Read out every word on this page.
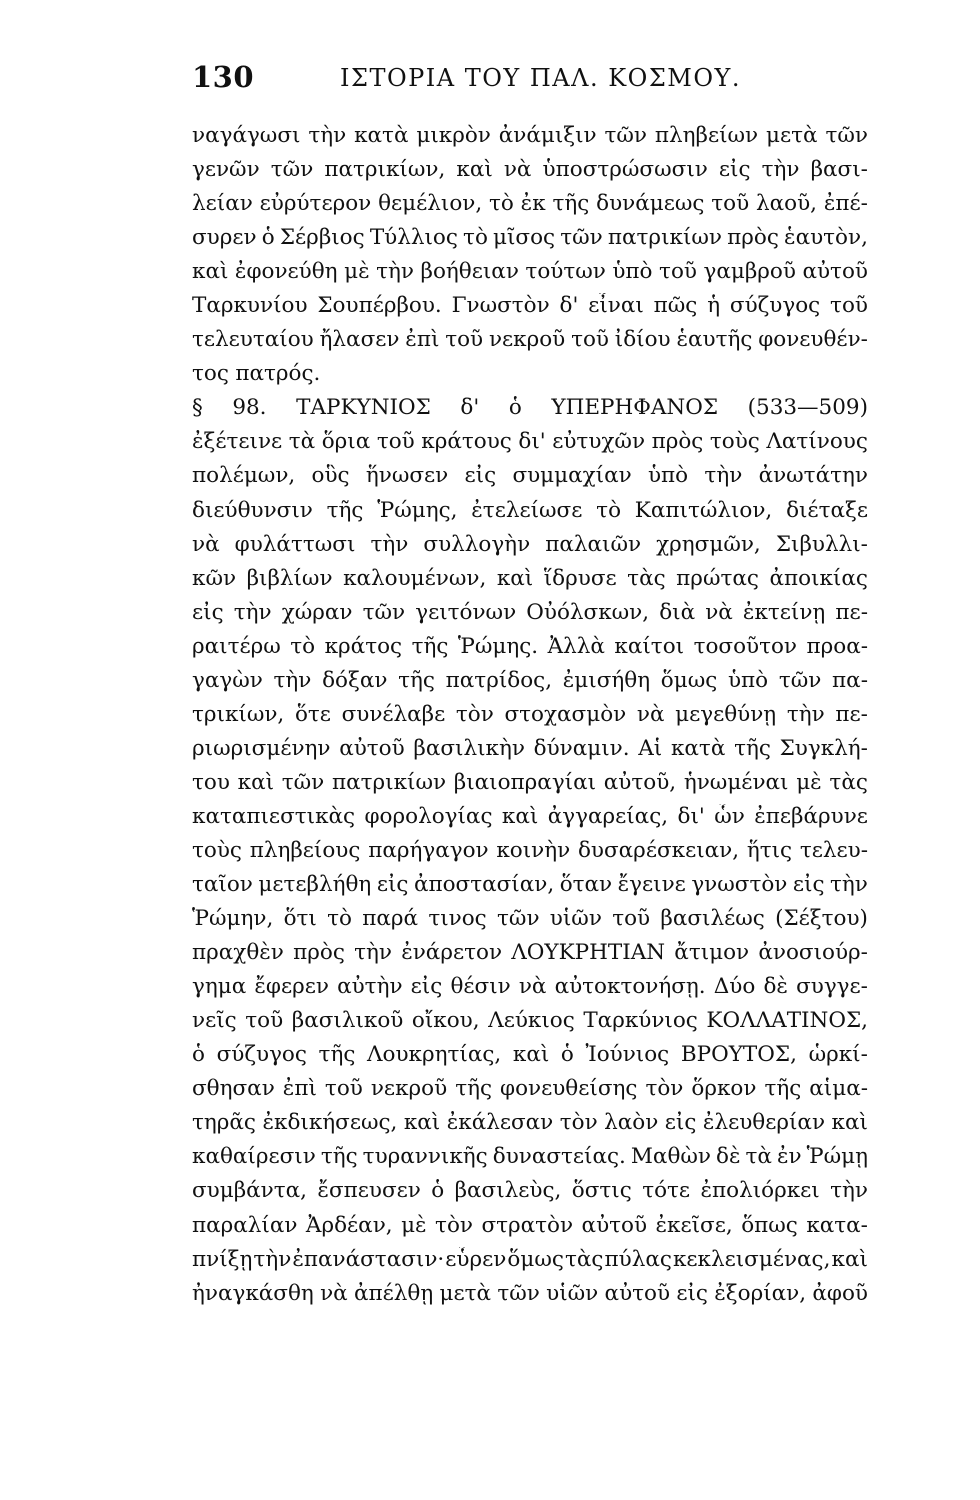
130	ΙΣΤΟΡΙΑ ΤΟΥ ΠΑΛ. ΚΟΣΜΟΥ.
ναγάγωσι τὴν κατὰ μικρὸν ἀνάμιξιν τῶν πληβείων μετὰ τῶν
γενῶν τῶν πατρικίων, καὶ νὰ ὑποστρώσωσιν εἰς τὴν βασι-
λείαν εὐρύτερον θεμέλιον, τὸ ἐκ τῆς δυνάμεως τοῦ λαοῦ, ἐπέ-
συρεν ὁ Σέρβιος Τύλλιος τὸ μῖσος τῶν πατρικίων πρὸς ἑαυτὸν,
καὶ ἐφονεύθη μὲ τὴν βοήθειαν τούτων ὑπὸ τοῦ γαμβροῦ αὐτοῦ
Ταρκυνίου Σουπέρβου. Γνωστὸν δ' εἶναι πῶς ἡ σύζυγος τοῦ
τελευταίου ἤλασεν ἐπὶ τοῦ νεκροῦ τοῦ ἰδίου ἑαυτῆς φονευθέν-
τος πατρός.
§ 98. ΤΑΡΚΥΝΙΟΣ δ' ὁ ΥΠΕΡΗΦΑΝΟΣ (533—509)
ἐξέτεινε τὰ ὅρια τοῦ κράτους δι' εὐτυχῶν πρὸς τοὺς Λατίνους
πολέμων, οὓς ἥνωσεν εἰς συμμαχίαν ὑπὸ τὴν ἀνωτάτην
διεύθυνσιν τῆς Ῥώμης, ἐτελείωσε τὸ Καπιτώλιον, διέταξε
νὰ φυλάττωσι τὴν συλλογὴν παλαιῶν χρησμῶν, Σιβυλλι-
κῶν βιβλίων καλουμένων, καὶ ἵδρυσε τὰς πρώτας ἀποικίας
εἰς τὴν χώραν τῶν γειτόνων Οὐόλσκων, διὰ νὰ ἐκτείνῃ πε-
ραιτέρω τὸ κράτος τῆς Ῥώμης. Ἀλλὰ καίτοι τοσοῦτον προα-
γαγὼν τὴν δόξαν τῆς πατρίδος, ἐμισήθη ὅμως ὑπὸ τῶν πα-
τρικίων, ὅτε συνέλαβε τὸν στοχασμὸν νὰ μεγεθύνῃ τὴν πε-
ριωρισμένην αὐτοῦ βασιλικὴν δύναμιν. Αἱ κατὰ τῆς Συγκλή-
του καὶ τῶν πατρικίων βιαιοπραγίαι αὐτοῦ, ἡνωμέναι μὲ τὰς
καταπιεστικὰς φορολογίας καὶ ἀγγαρείας, δι' ὧν ἐπεβάρυνε
τοὺς πληβείους παρήγαγον κοινὴν δυσαρέσκειαν, ἥτις τελευ-
ταῖον μετεβλήθη εἰς ἀποστασίαν, ὅταν ἔγεινε γνωστὸν εἰς τὴν
Ῥώμην, ὅτι τὸ παρά τινος τῶν υἱῶν τοῦ βασιλέως (Σέξτου)
πραχθὲν πρὸς τὴν ἐνάρετον ΛΟΥΚΡΗΤΙΑΝ ἄτιμον ἀνοσιούρ-
γημα ἔφερεν αὐτὴν εἰς θέσιν νὰ αὐτοκτονήσῃ. Δύο δὲ συγγε-
νεῖς τοῦ βασιλικοῦ οἴκου, Λεύκιος Ταρκύνιος ΚΟΛΛΑΤΙΝΟΣ,
ὁ σύζυγος τῆς Λουκρητίας, καὶ ὁ Ἰούνιος ΒΡΟΥΤΟΣ, ὡρκί-
σθησαν ἐπὶ τοῦ νεκροῦ τῆς φονευθείσης τὸν ὅρκον τῆς αἱμα-
τηρᾶς ἐκδικήσεως, καὶ ἐκάλεσαν τὸν λαὸν εἰς ἐλευθερίαν καὶ
καθαίρεσιν τῆς τυραννικῆς δυναστείας. Μαθὼν δὲ τὰ ἐν Ῥώμῃ
συμβάντα, ἔσπευσεν ὁ βασιλεὺς, ὅστις τότε ἐπολιόρκει τὴν
παραλίαν Ἀρδέαν, μὲ τὸν στρατὸν αὐτοῦ ἐκεῖσε, ὅπως κατα-
πνίξῃ τὴν ἐπανάστασιν· εὗρεν ὅμως τὰς πύλας κεκλεισμένας, καὶ
ἠναγκάσθη νὰ ἀπέλθῃ μετὰ τῶν υἱῶν αὐτοῦ εἰς ἐξορίαν, ἀφοῦ
